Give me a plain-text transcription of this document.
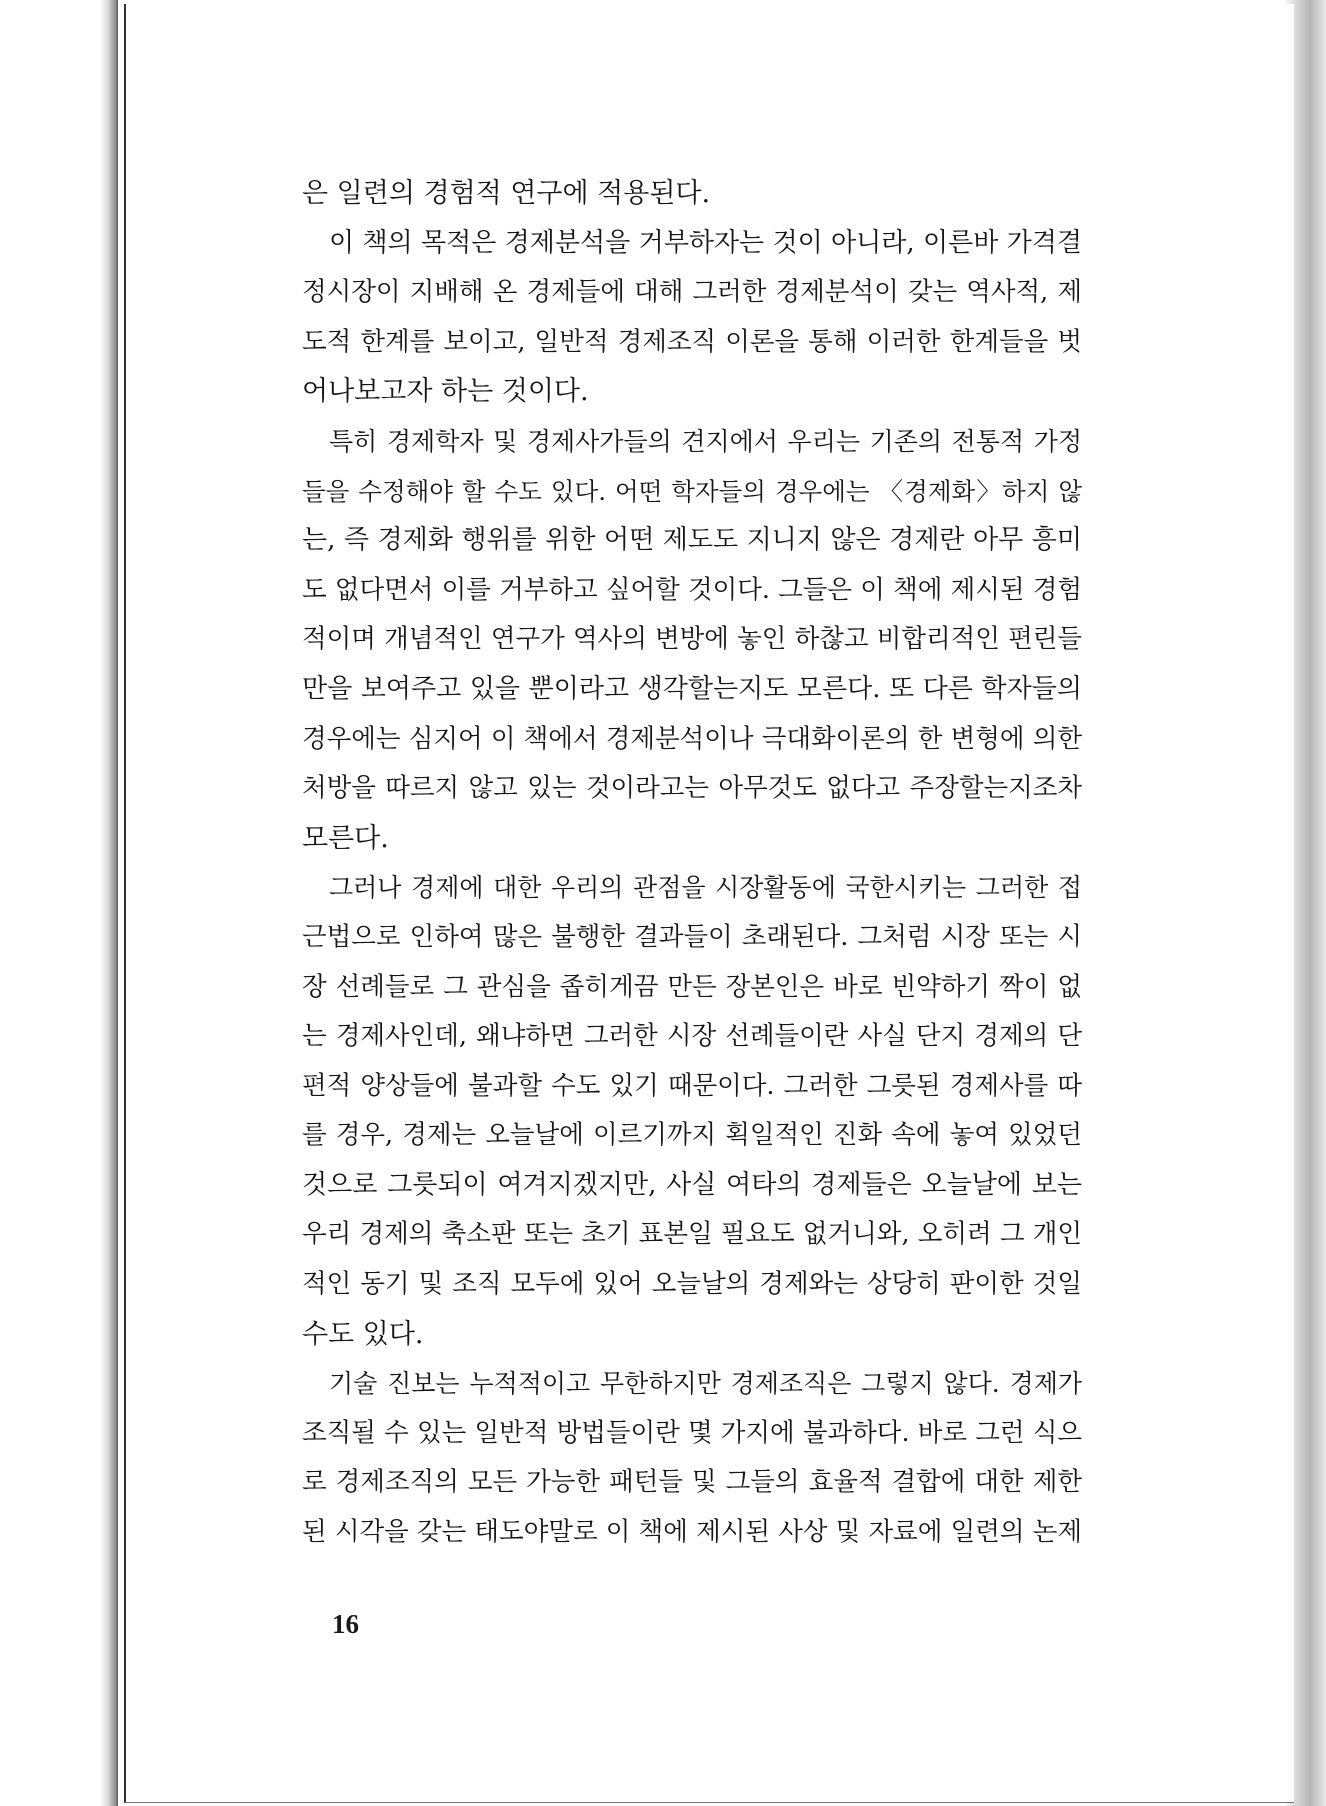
은 일련의 경험적 연구에 적용된다.
이 책의 목적은 경제분석을 거부하자는 것이 아니라, 이른바 가격결
정시장이 지배해 온 경제들에 대해 그러한 경제분석이 갖는 역사적, 제
도적 한계를 보이고, 일반적 경제조직 이론을 통해 이러한 한계들을 벗
어나보고자 하는 것이다.
특히 경제학자 및 경제사가들의 견지에서 우리는 기존의 전통적 가정
들을 수정해야 할 수도 있다. 어떤 학자들의 경우에는 〈경제화〉하지 않
는, 즉 경제화 행위를 위한 어떤 제도도 지니지 않은 경제란 아무 흥미
도 없다면서 이를 거부하고 싶어할 것이다. 그들은 이 책에 제시된 경험
적이며 개념적인 연구가 역사의 변방에 놓인 하찮고 비합리적인 편린들
만을 보여주고 있을 뿐이라고 생각할는지도 모른다. 또 다른 학자들의
경우에는 심지어 이 책에서 경제분석이나 극대화이론의 한 변형에 의한
처방을 따르지 않고 있는 것이라고는 아무것도 없다고 주장할는지조차
모른다.
그러나 경제에 대한 우리의 관점을 시장활동에 국한시키는 그러한 접
근법으로 인하여 많은 불행한 결과들이 초래된다. 그처럼 시장 또는 시
장 선례들로 그 관심을 좁히게끔 만든 장본인은 바로 빈약하기 짝이 없
는 경제사인데, 왜냐하면 그러한 시장 선례들이란 사실 단지 경제의 단
편적 양상들에 불과할 수도 있기 때문이다. 그러한 그릇된 경제사를 따
를 경우, 경제는 오늘날에 이르기까지 획일적인 진화 속에 놓여 있었던
것으로 그릇되이 여겨지겠지만, 사실 여타의 경제들은 오늘날에 보는
우리 경제의 축소판 또는 초기 표본일 필요도 없거니와, 오히려 그 개인
적인 동기 및 조직 모두에 있어 오늘날의 경제와는 상당히 판이한 것일
수도 있다.
기술 진보는 누적적이고 무한하지만 경제조직은 그렇지 않다. 경제가
조직될 수 있는 일반적 방법들이란 몇 가지에 불과하다. 바로 그런 식으
로 경제조직의 모든 가능한 패턴들 및 그들의 효율적 결합에 대한 제한
된 시각을 갖는 태도야말로 이 책에 제시된 사상 및 자료에 일련의 논제
16
